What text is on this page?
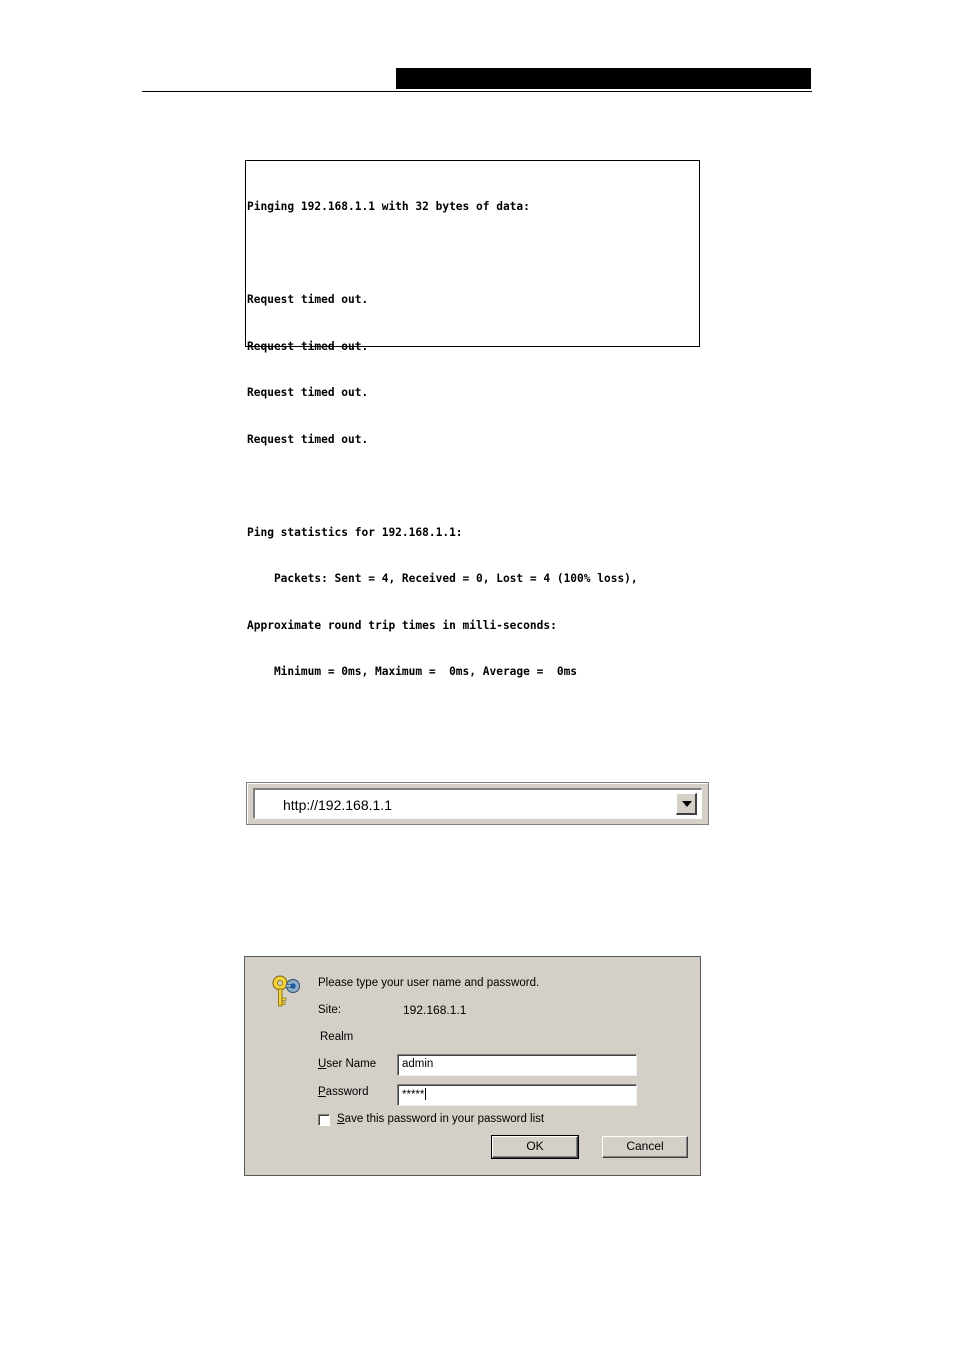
Pinging 192.168.1.1 with 32 bytes of data:

Request timed out.

Request timed out.

Request timed out.

Request timed out.

Ping statistics for 192.168.1.1:

Packets: Sent = 4, Received = 0, Lost = 4 (100% loss),

Approximate round trip times in milli-seconds:

Minimum = 0ms, Maximum =  0ms, Average =  0ms

http://192.168.1.1
Please type your user name and password.
Site:	192.168.1.1
Realm
User Name	admin
Password	*****
Save this password in your password list
OK	Cancel
